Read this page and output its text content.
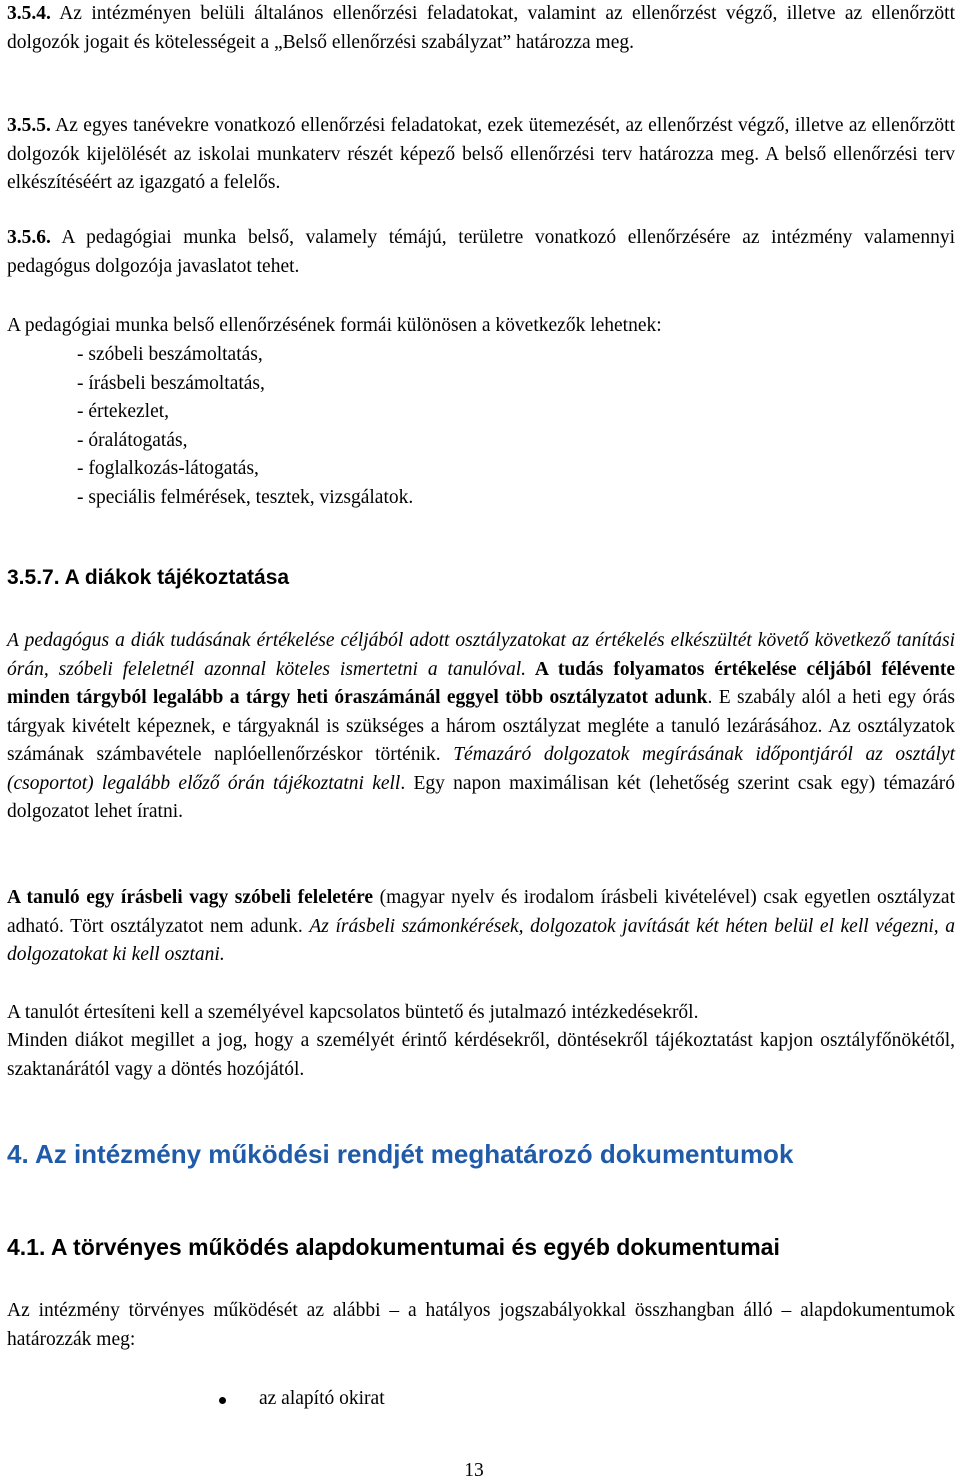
3.5.4. Az intézményen belüli általános ellenőrzési feladatokat, valamint az ellenőrzést végző, illetve az ellenőrzött dolgozók jogait és kötelességeit a „Belső ellenőrzési szabályzat” határozza meg.

3.5.5. Az egyes tanévekre vonatkozó ellenőrzési feladatokat, ezek ütemezését, az ellenőrzést végző, illetve az ellenőrzött dolgozók kijelölését az iskolai munkaterv részét képező belső ellenőrzési terv határozza meg. A belső ellenőrzési terv elkészítéséért az igazgató a felelős.

3.5.6. A pedagógiai munka belső, valamely témájú, területre vonatkozó ellenőrzésére az intézmény valamennyi pedagógus dolgozója javaslatot tehet.

A pedagógiai munka belső ellenőrzésének formái különösen a következők lehetnek:

- szóbeli beszámoltatás,
- írásbeli beszámoltatás,
- értekezlet,
- óralátogatás,
- foglalkozás-látogatás,
- speciális felmérések, tesztek, vizsgálatok.
3.5.7. A diákok tájékoztatása

A pedagógus a diák tudásának értékelése céljából adott osztályzatokat az értékelés elkészültét követő következő tanítási órán, szóbeli feleletnél azonnal köteles ismertetni a tanulóval. A tudás folyamatos értékelése céljából félévente minden tárgyból legalább a tárgy heti óraszámánál eggyel több osztályzatot adunk. E szabály alól a heti egy órás tárgyak kivételt képeznek, e tárgyaknál is szükséges a három osztályzat megléte a tanuló lezárásához. Az osztályzatok számának számbavétele naplóellenőrzéskor történik. Témazáró dolgozatok megírásának időpontjáról az osztályt (csoportot) legalább előző órán tájékoztatni kell. Egy napon maximálisan két (lehetőség szerint csak egy) témazáró dolgozatot lehet íratni.

A tanuló egy írásbeli vagy szóbeli feleletére (magyar nyelv és irodalom írásbeli kivételével) csak egyetlen osztályzat adható. Tört osztályzatot nem adunk. Az írásbeli számonkérések, dolgozatok javítását két héten belül el kell végezni, a dolgozatokat ki kell osztani.

A tanulót értesíteni kell a személyével kapcsolatos büntető és jutalmazó intézkedésekről.

Minden diákot megillet a jog, hogy a személyét érintő kérdésekről, döntésekről tájékoztatást kapjon osztályfőnökétől, szaktanárától vagy a döntés hozójától.

4. Az intézmény működési rendjét meghatározó dokumentumok
4.1. A törvényes működés alapdokumentumai és egyéb dokumentumai

Az intézmény törvényes működését az alábbi – a hatályos jogszabályokkal összhangban álló – alapdokumentumok határozzák meg:

az alapító okirat
13
